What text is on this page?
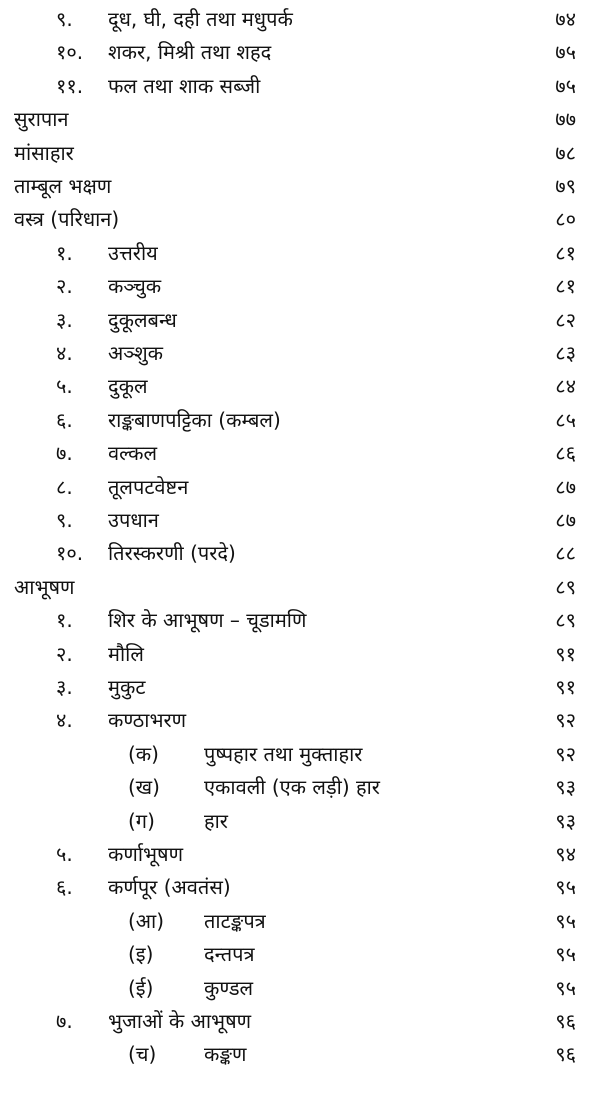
९. दूध, घी, दही तथा मधुपर्क	७४
१०. शकर, मिश्री तथा शहद	७५
११. फल तथा शाक सब्जी	७५
सुरापान	७७
मांसाहार	७८
ताम्बूल भक्षण	७९
वस्त्र (परिधान)	८०
१. उत्तरीय	८१
२. कञ्चुक	८१
३. दुकूलबन्ध	८२
४. अञ्शुक	८३
५. दुकूल	८४
६. राङ्कबाणपट्टिका (कम्बल)	८५
७. वल्कल	८६
८. तूलपटवेष्टन	८७
९. उपधान	८७
१०. तिरस्करणी (परदे)	८८
आभूषण	८९
१. शिर के आभूषण – चूडामणि	८९
२. मौलि	९१
३. मुकुट	९१
४. कण्ठाभरण	९२
(क) पुष्पहार तथा मुक्ताहार	९२
(ख) एकावली (एक लड़ी) हार	९३
(ग) हार	९३
५. कर्णाभूषण	९४
६. कर्णपूर (अवतंस)	९५
(आ) ताटङ्कपत्र	९५
(इ)	दन्तपत्र	९५
(ई)	कुण्डल	९५
७. भुजाओं के आभूषण	९६
(च) कङ्कण	९६
